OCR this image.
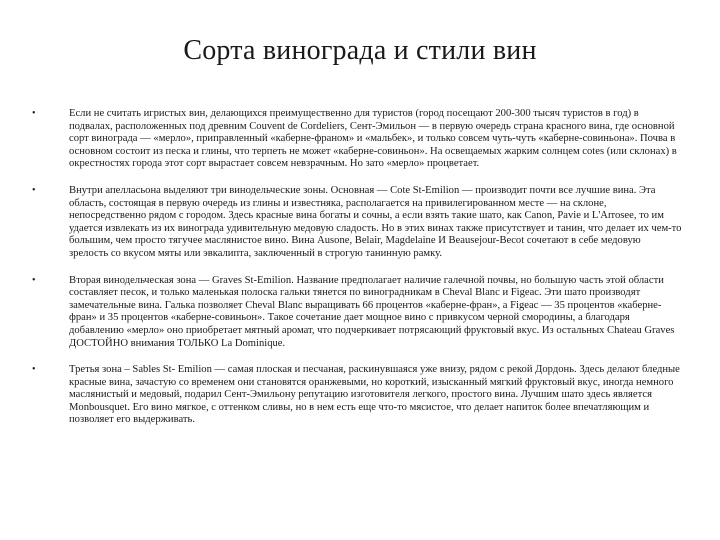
Сорта винограда и стили вин
•	Если не считать игристых вин, делающихся преимущественно для туристов (город посещают 200-300 тысяч туристов в год) в подвалах, расположенных под древним Couvent de Cordeliers, Сент-Эмильон — в первую очередь страна красного вина, где основной сорт винограда — «мерло», приправленный «каберне-франом» и «мальбек», и только совсем чуть-чуть «каберне-совиньона». Почва в основном состоит из песка и глины, что терпеть не может «каберне-совиньон». На освещаемых жарким солнцем cotes (или склонах) в окрестностях города этот сорт вырастает совсем невзрачным. Но зато «мерло» процветает.
•	Внутри апелласьона выделяют три винодельческие зоны. Основная — Cote St-Emilion — производит почти все лучшие вина. Эта область, состоящая в первую очередь из глины и известняка, располагается на привилегированном месте — на склоне, непосредственно рядом с городом. Здесь красные вина богаты и сочны, а если взять такие шато, как Canon, Pavie и L'Arrosee, то им удается извлекать из их винограда удивительную медовую сладость. Но в этих винах также присутствует и танин, что делает их чем-то большим, чем просто тягучее маслянистое вино. Вина Ausone, Belair, Magdelaine И Beausejour-Becot сочетают в себе медовую зрелость со вкусом мяты или эвкалипта, заключенный в строгую танинную рамку.
•	Вторая винодельческая зона — Graves St-Emilion. Название предполагает наличие галечной почвы, но большую часть этой области составляет песок, и только маленькая полоска гальки тянется по виноградникам в Cheval Blanc и Figeac. Эти шато производят замечательные вина. Галька позволяет Cheval Blanc выращивать 66 процентов «каберне-фран», а Figeac — 35 процентов «каберне-фран» и 35 процентов «каберне-совиньон». Такое сочетание дает мощное вино с привкусом черной смородины, а благодаря добавлению «мерло» оно приобретает мятный аромат, что подчеркивает потрясающий фруктовый вкус. Из остальных Chateau Graves ДОСТОЙНО внимания ТОЛЬКО La Dominique.
•	Третья зона – Sables St- Emilion — самая плоская и песчаная, раскинувшаяся уже внизу, рядом с рекой Дордонь. Здесь делают бледные красные вина, зачастую со временем они становятся оранжевыми, но короткий, изысканный мягкий фруктовый вкус, иногда немного маслянистый и медовый, подарил Сент-Эмильону репутацию изготовителя легкого, простого вина. Лучшим шато здесь является Monbousquet. Его вино мягкое, с оттенком сливы, но в нем есть еще что-то мясистое, что делает напиток более впечатляющим и позволяет его выдерживать.
